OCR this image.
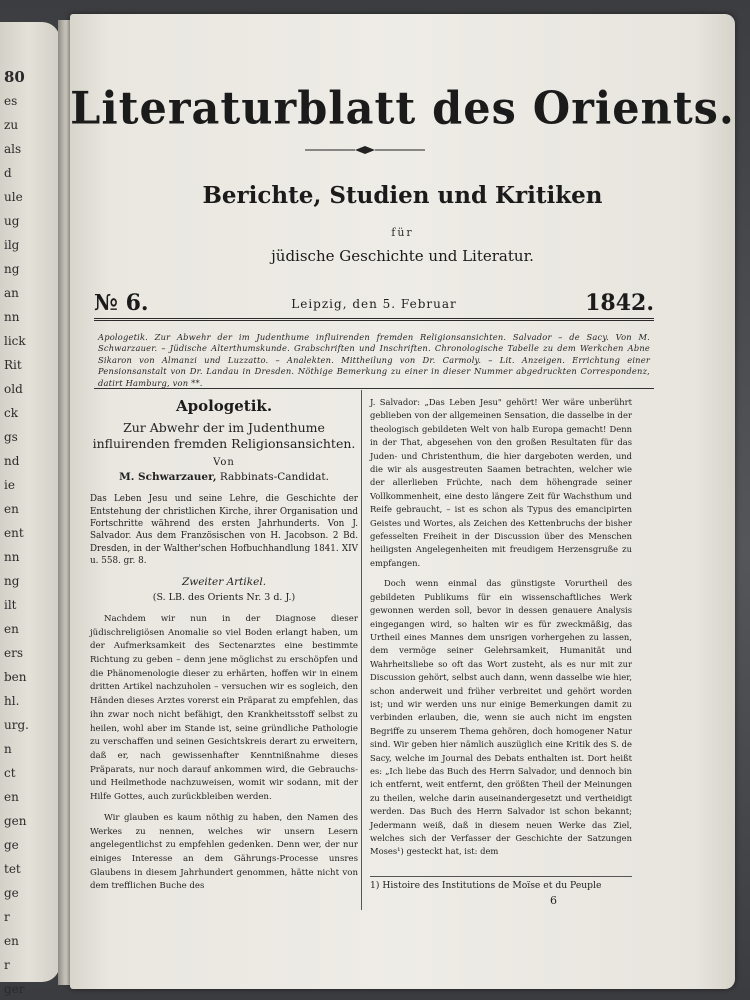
80
es
zu
als
d
ule
ug
ilg
ng
an
nn
lick
Rit
old
ck
gs
nd
ie
en
ent
nn
ng
ilt
en
ers
ben
hl.
urg.
n
ct
en
gen
ge
tet
ge
r
en
r
ger
Literaturblatt des Orients.
Berichte, Studien und Kritiken
für
jüdische Geschichte und Literatur.
№ 6.	Leipzig, den 5. Februar	1842.
Apologetik. Zur Abwehr der im Judenthume influirenden fremden Religionsansichten. Salvador – de Sacy. Von M. Schwarzauer. – Jüdische Alterthumskunde. Grabschriften und Inschriften. Chronologische Tabelle zu dem Werkchen Abne Sikaron von Almanzi und Luzzatto. – Analekten. Mittheilung von Dr. Carmoly. – Lit. Anzeigen. Errichtung einer Pensionsanstalt von Dr. Landau in Dresden. Nöthige Bemerkung zu einer in dieser Nummer abgedruckten Correspondenz, datirt Hamburg, von **.
Apologetik.
Zur Abwehr der im Judenthume influirenden fremden Religionsansichten.
Von
M. Schwarzauer, Rabbinats-Candidat.
Das Leben Jesu und seine Lehre, die Geschichte der Entstehung der christlichen Kirche, ihrer Organisation und Fortschritte während des ersten Jahrhunderts. Von J. Salvador. Aus dem Französischen von H. Jacobson. 2 Bd. Dresden, in der Walther'schen Hofbuchhandlung 1841. XIV u. 558. gr. 8.
Zweiter Artikel.
(S. LB. des Orients Nr. 3 d. J.)
Nachdem wir nun in der Diagnose dieser jüdischreligiösen Anomalie so viel Boden erlangt haben, um der Aufmerksamkeit des Sectenarztes eine bestimmte Richtung zu geben – denn jene möglichst zu erschöpfen und die Phänomenologie dieser zu erhärten, hoffen wir in einem dritten Artikel nachzuholen – versuchen wir es sogleich, den Händen dieses Arztes vorerst ein Präparat zu empfehlen, das ihn zwar noch nicht befähigt, den Krankheitsstoff selbst zu heilen, wohl aber im Stande ist, seine gründliche Pathologie zu verschaffen und seinen Gesichtskreis derart zu erweitern, daß er, nach gewissenhafter Kenntnißnahme dieses Präparats, nur noch darauf ankommen wird, die Gebrauchs- und Heilmethode nachzuweisen, womit wir sodann, mit der Hilfe Gottes, auch zurückbleiben werden.
Wir glauben es kaum nöthig zu haben, den Namen des Werkes zu nennen, welches wir unsern Lesern angelegentlichst zu empfehlen gedenken. Denn wer, der nur einiges Interesse an dem Gährungs-Processe unsres Glaubens in diesem Jahrhundert genommen, hätte nicht von dem trefflichen Buche des
J. Salvador: „Das Leben Jesu" gehört! Wer wäre unberührt geblieben von der allgemeinen Sensation, die dasselbe in der theologisch gebildeten Welt von halb Europa gemacht! Denn in der That, abgesehen von den großen Resultaten für das Juden- und Christenthum, die hier dargeboten werden, und die wir als ausgestreuten Saamen betrachten, welcher wie der allerlieben Früchte, nach dem höhengrade seiner Vollkommenheit, eine desto längere Zeit für Wachsthum und Reife gebraucht, – ist es schon als Typus des emancipirten Geistes und Wortes, als Zeichen des Kettenbruchs der bisher gefesselten Freiheit in der Discussion über des Menschen heiligsten Angelegenheiten mit freudigem Herzensgruße zu empfangen.
Doch wenn einmal das günstigste Vorurtheil des gebildeten Publikums für ein wissenschaftliches Werk gewonnen werden soll, bevor in dessen genauere Analysis eingegangen wird, so halten wir es für zweckmäßig, das Urtheil eines Mannes dem unsrigen vorhergehen zu lassen, dem vermöge seiner Gelehrsamkeit, Humanität und Wahrheitsliebe so oft das Wort zusteht, als es nur mit zur Discussion gehört, selbst auch dann, wenn dasselbe wie hier, schon anderweit und früher verbreitet und gehört worden ist; und wir werden uns nur einige Bemerkungen damit zu verbinden erlauben, die, wenn sie auch nicht im engsten Begriffe zu unserem Thema gehören, doch homogener Natur sind. Wir geben hier nämlich auszüglich eine Kritik des S. de Sacy, welche im Journal des Debats enthalten ist. Dort heißt es: „Ich liebe das Buch des Herrn Salvador, und dennoch bin ich entfernt, weit entfernt, den größten Theil der Meinungen zu theilen, welche darin auseinandergesetzt und vertheidigt werden. Das Buch des Herrn Salvador ist schon bekannt; Jedermann weiß, daß in diesem neuen Werke das Ziel, welches sich der Verfasser der Geschichte der Satzungen Moses¹) gesteckt hat, ist: dem
1) Histoire des Institutions de Moïse et du Peuple
6
